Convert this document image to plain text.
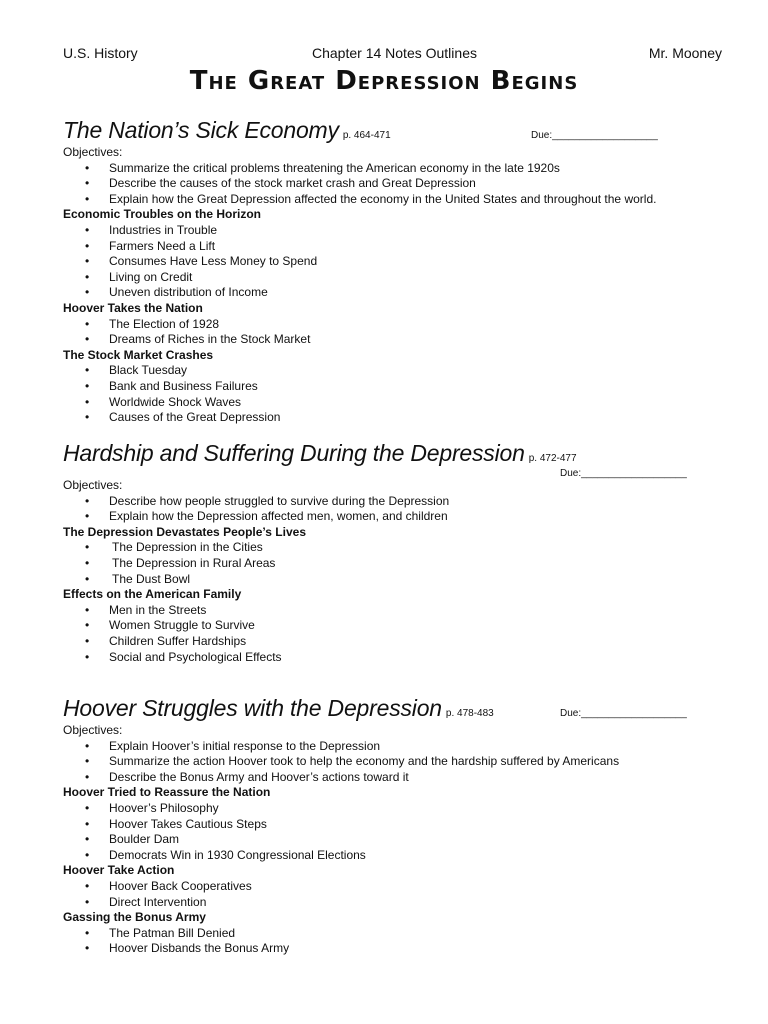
U.S. History	Chapter 14 Notes Outlines	Mr. Mooney
The Great Depression Begins
The Nation’s Sick Economy p. 464-471	Due:___________________
Objectives:
• Summarize the critical problems threatening the American economy in the late 1920s
• Describe the causes of the stock market crash and Great Depression
• Explain how the Great Depression affected the economy in the United States and throughout the world.
Economic Troubles on the Horizon
• Industries in Trouble
• Farmers Need a Lift
• Consumes Have Less Money to Spend
• Living on Credit
• Uneven distribution of Income
Hoover Takes the Nation
• The Election of 1928
• Dreams of Riches in the Stock Market
The Stock Market Crashes
• Black Tuesday
• Bank and Business Failures
• Worldwide Shock Waves
• Causes of the Great Depression
Hardship and Suffering During the Depression p. 472-477
Due:___________________
Objectives:
• Describe how people struggled to survive during the Depression
• Explain how the Depression affected men, women, and children
The Depression Devastates People’s Lives
• The Depression in the Cities
• The Depression in Rural Areas
• The Dust Bowl
Effects on the American Family
• Men in the Streets
• Women Struggle to Survive
• Children Suffer Hardships
• Social and Psychological Effects
Hoover Struggles with the Depression p. 478-483	Due:___________________
Objectives:
• Explain Hoover’s initial response to the Depression
• Summarize the action Hoover took to help the economy and the hardship suffered by Americans
• Describe the Bonus Army and Hoover’s actions toward it
Hoover Tried to Reassure the Nation
• Hoover’s Philosophy
• Hoover Takes Cautious Steps
• Boulder Dam
• Democrats Win in 1930 Congressional Elections
Hoover Take Action
• Hoover Back Cooperatives
• Direct Intervention
Gassing the Bonus Army
• The Patman Bill Denied
• Hoover Disbands the Bonus Army
